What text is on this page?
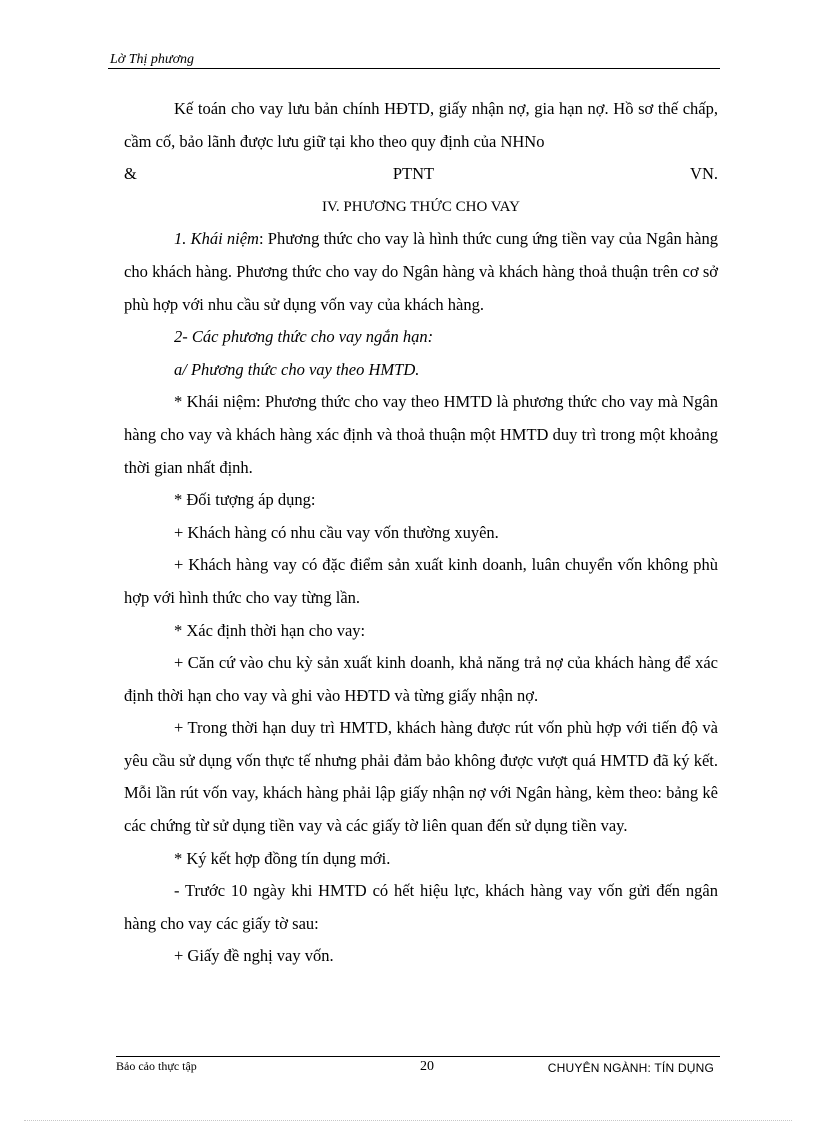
Lờ Thị phương

Kế toán cho vay lưu bản chính HĐTD, giấy nhận nợ, gia hạn nợ. Hồ sơ thế chấp, cầm cố, bảo lãnh được lưu giữ tại kho theo quy định của NHNo

&	PTNT	VN.

IV. PHƯƠNG THỨC CHO VAY

1. Khái niệm: Phương thức cho vay là hình thức cung ứng tiền vay của Ngân hàng cho khách hàng. Phương thức cho vay do Ngân hàng và khách hàng thoả thuận trên cơ sở phù hợp với nhu cầu sử dụng vốn vay của khách hàng.

2- Các phương thức cho vay ngắn hạn:

a/ Phương thức cho vay theo HMTD.

* Khái niệm: Phương thức cho vay theo HMTD là phương thức cho vay mà Ngân hàng cho vay và khách hàng xác định và thoả thuận một HMTD duy trì trong một khoảng thời gian nhất định.

* Đối tượng áp dụng:

+ Khách hàng có nhu cầu vay vốn thường xuyên.

+ Khách hàng vay có đặc điểm sản xuất kinh doanh, luân chuyển vốn không phù hợp với hình thức cho vay từng lần.

* Xác định thời hạn cho vay:

+ Căn cứ vào chu kỳ sản xuất kinh doanh, khả năng trả nợ của khách hàng để xác định thời hạn cho vay và ghi vào HĐTD và từng giấy nhận nợ.

+ Trong thời hạn duy trì HMTD, khách hàng được rút vốn phù hợp với tiến độ và yêu cầu sử dụng vốn thực tế nhưng phải đảm bảo không được vượt quá HMTD đã ký kết. Mỗi lần rút vốn vay, khách hàng phải lập giấy nhận nợ với Ngân hàng, kèm theo: bảng kê các chứng từ sử dụng tiền vay và các giấy tờ liên quan đến sử dụng tiền vay.

* Ký kết hợp đồng tín dụng mới.

- Trước 10 ngày khi HMTD có hết hiệu lực, khách hàng vay vốn gửi đến ngân hàng cho vay các giấy tờ sau:

+ Giấy đề nghị vay vốn.

Bảo cảo thực tập	20	CHUYÊN NGÀNH: TÍN DỤNG
